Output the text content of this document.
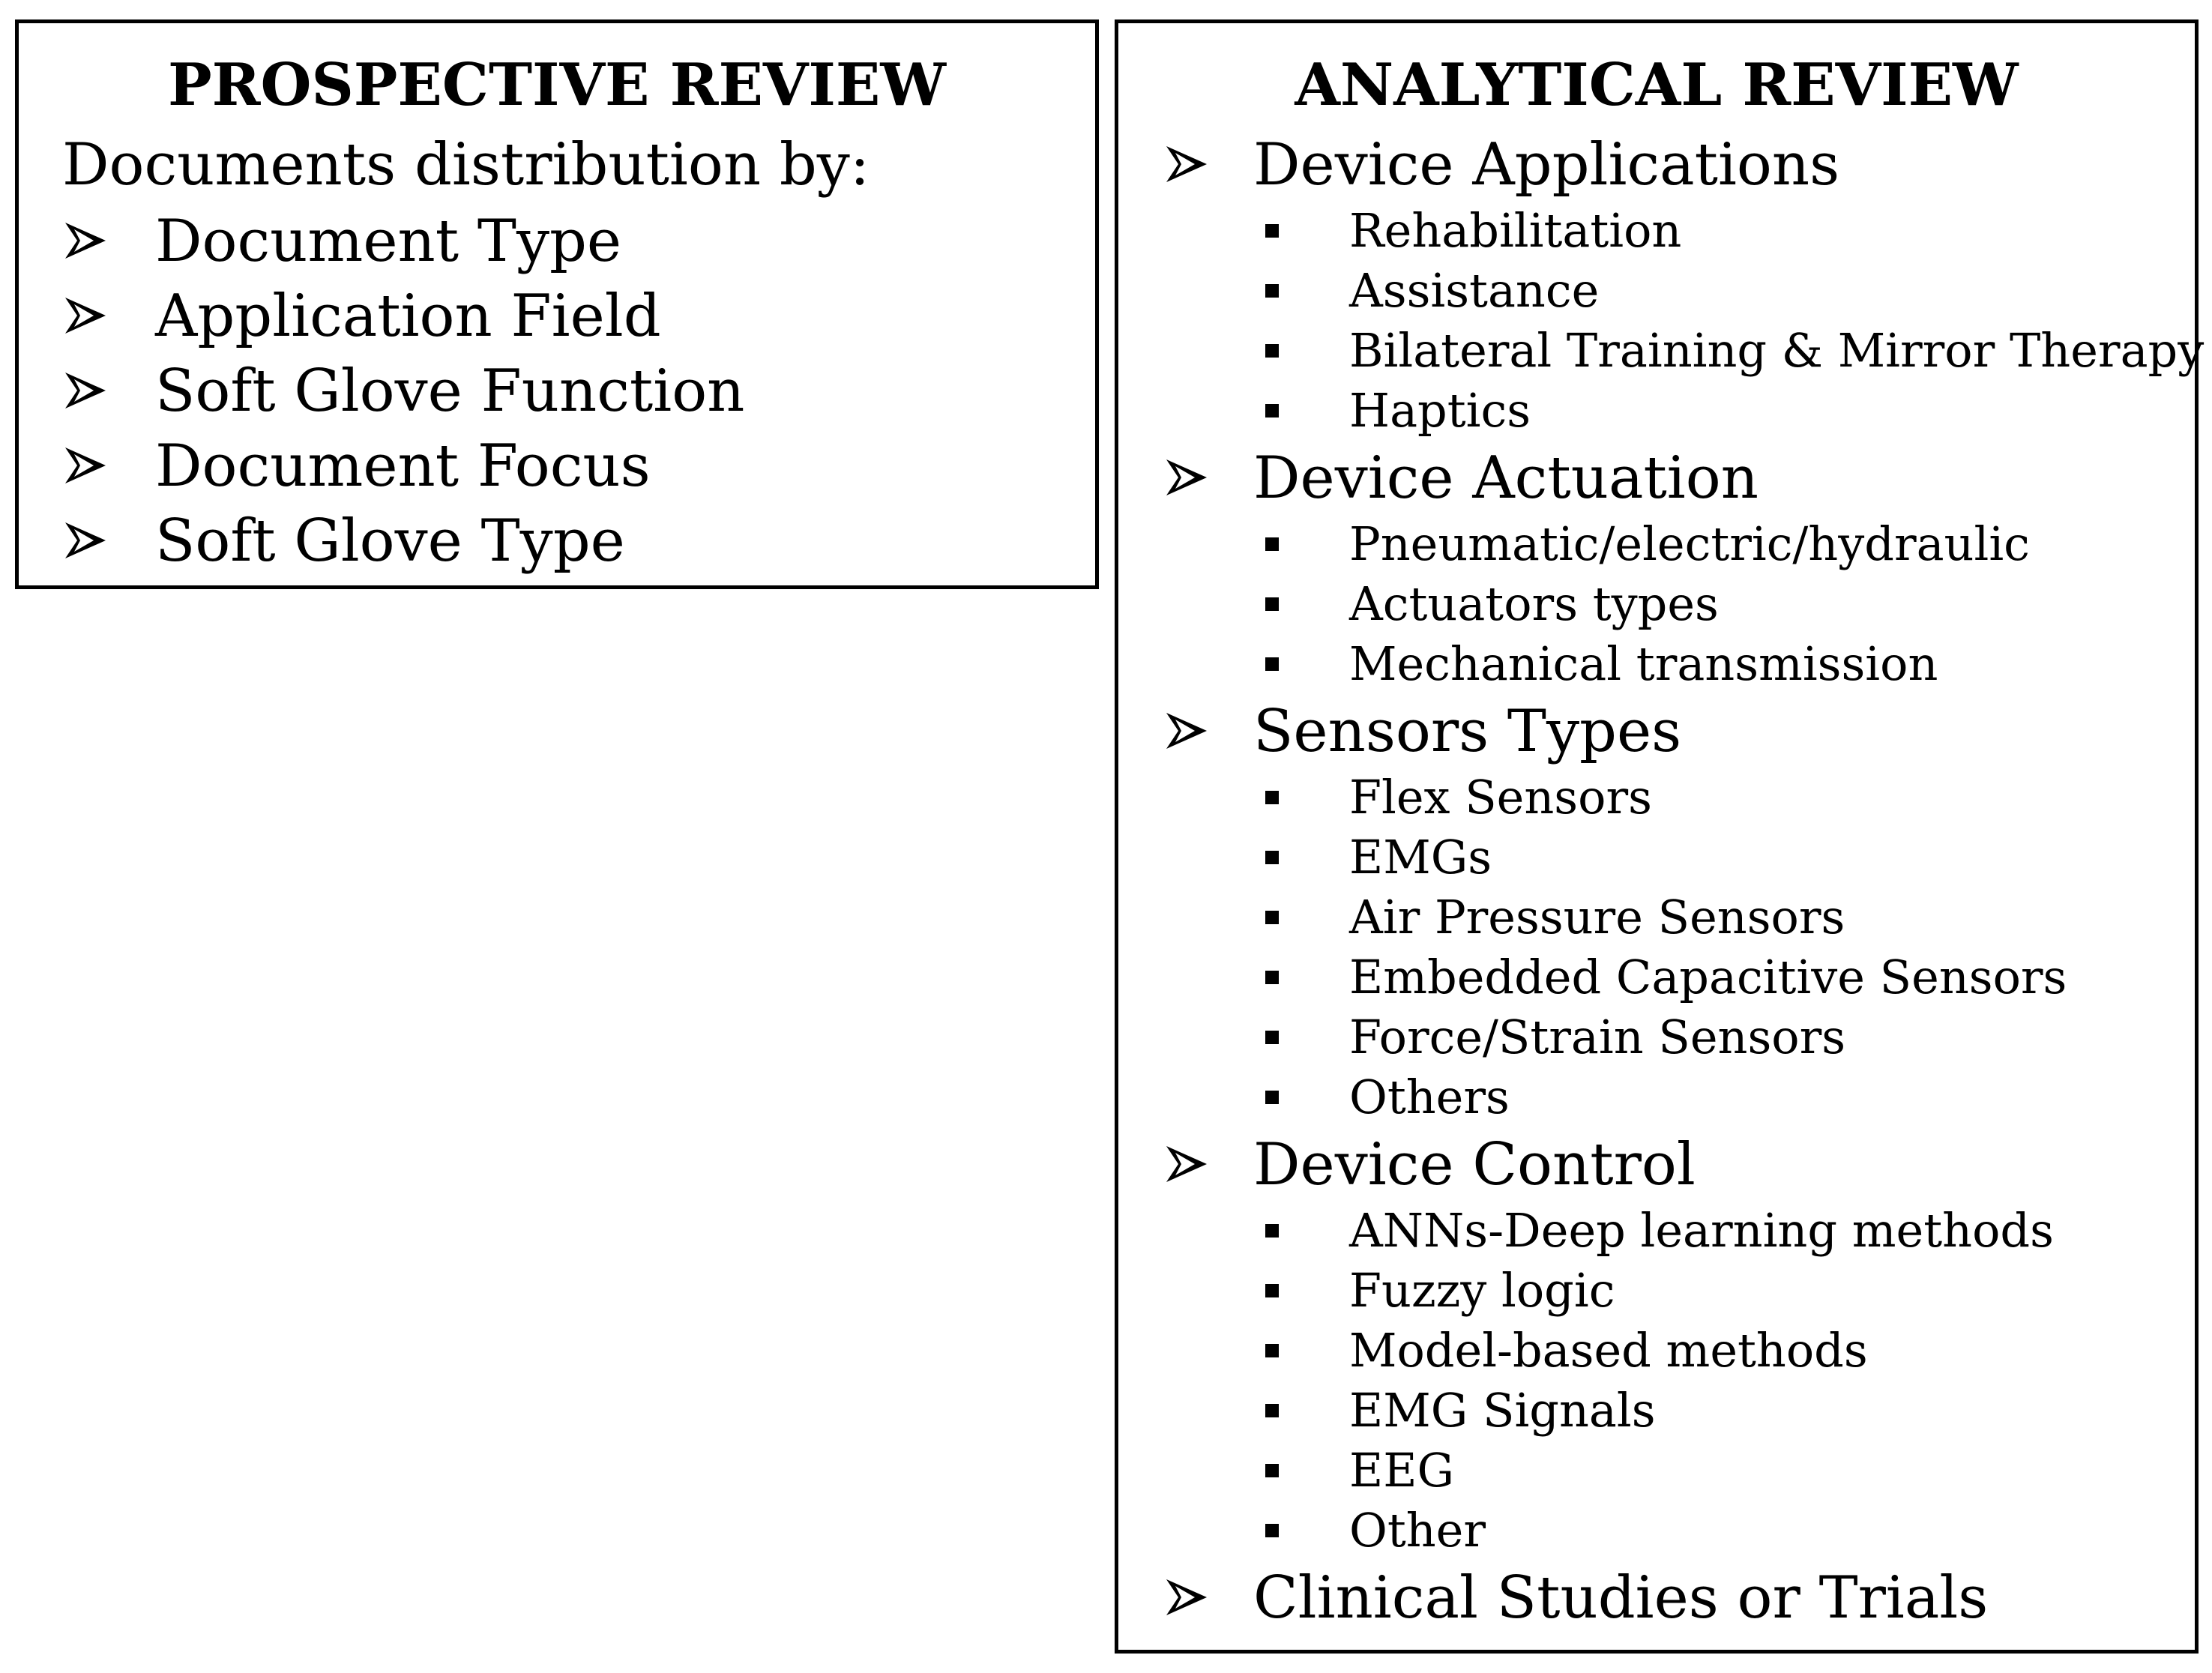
PROSPECTIVE REVIEW
Documents distribution by:
Document Type
Application Field
Soft Glove Function
Document Focus
Soft Glove Type
ANALYTICAL REVIEW
Device Applications
Rehabilitation
Assistance
Bilateral Training & Mirror Therapy
Haptics
Device Actuation
Pneumatic/electric/hydraulic
Actuators types
Mechanical transmission
Sensors Types
Flex Sensors
EMGs
Air Pressure Sensors
Embedded Capacitive Sensors
Force/Strain Sensors
Others
Device Control
ANNs-Deep learning methods
Fuzzy logic
Model-based methods
EMG Signals
EEG
Other
Clinical Studies or Trials
